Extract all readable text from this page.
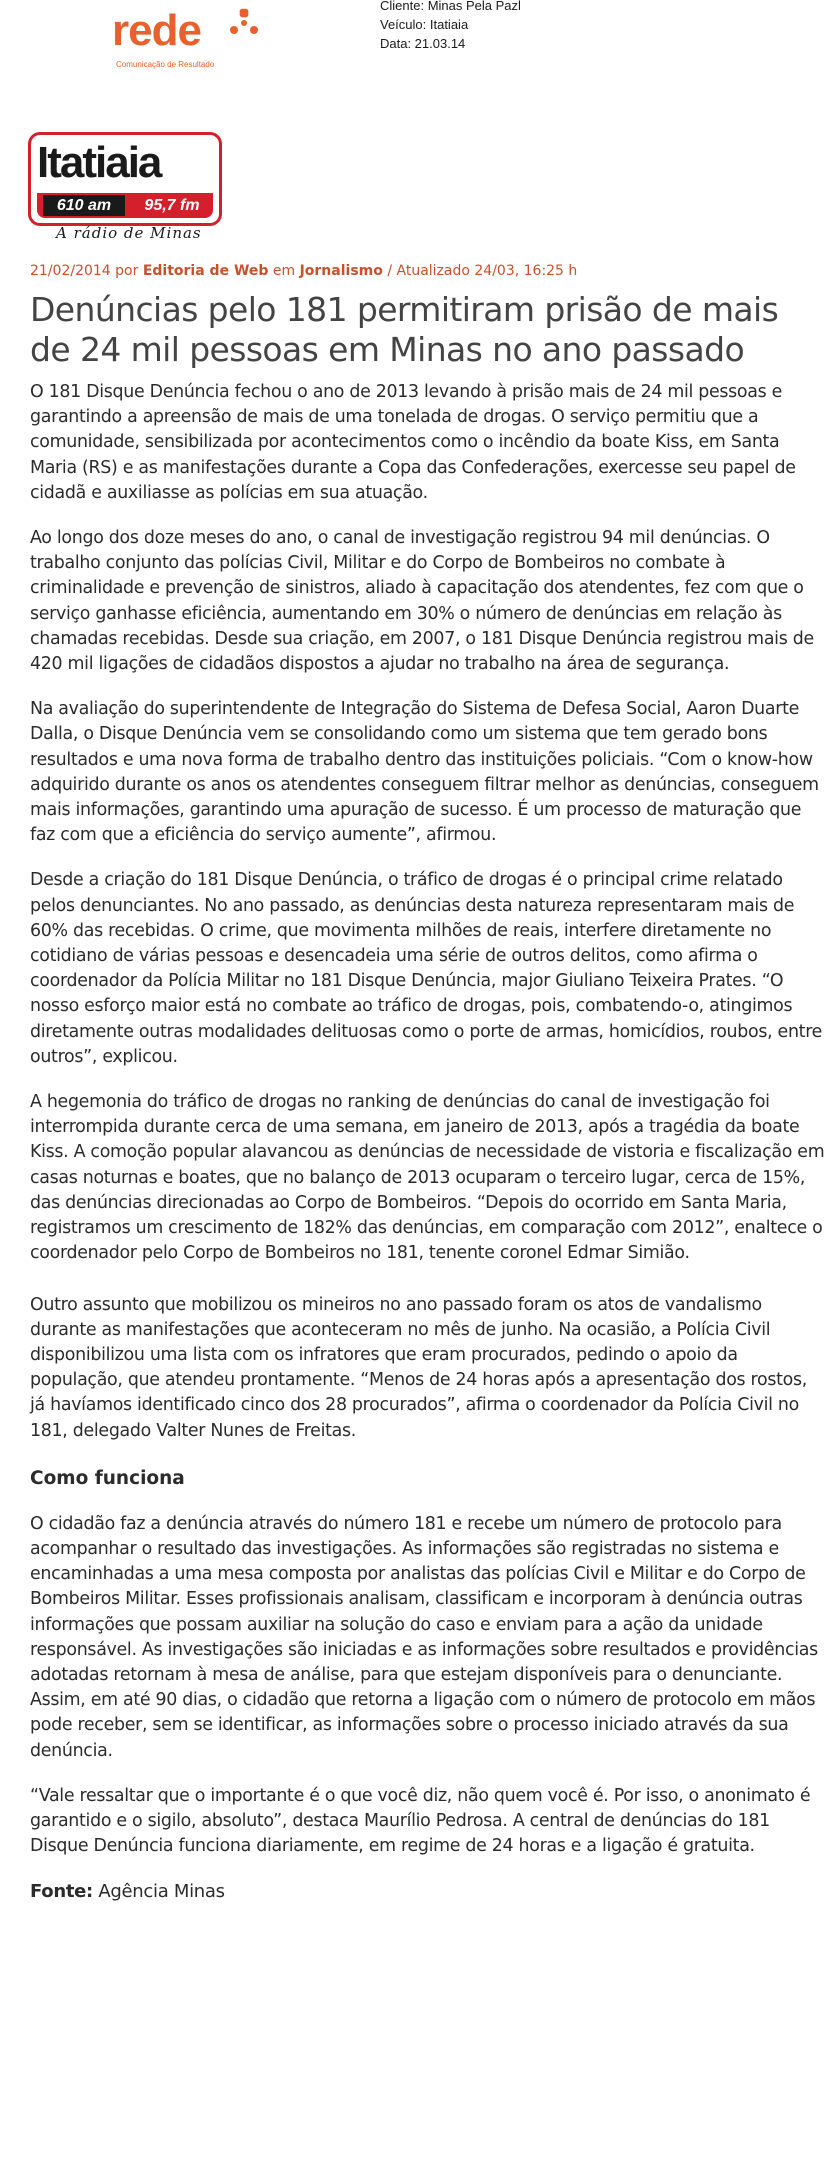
rede
Comunicação de Resultado
Cliente: Minas Pela Pazl
Veículo: Itatiaia
Data: 21.03.14
Itatiaia
610 am	95,7 fm
A rádio de Minas
21/02/2014 por Editoria de Web em Jornalismo / Atualizado 24/03, 16:25 h
Denúncias pelo 181 permitiram prisão de mais de 24 mil pessoas em Minas no ano passado

O 181 Disque Denúncia fechou o ano de 2013 levando à prisão mais de 24 mil pessoas e garantindo a apreensão de mais de uma tonelada de drogas. O serviço permitiu que a comunidade, sensibilizada por acontecimentos como o incêndio da boate Kiss, em Santa Maria (RS) e as manifestações durante a Copa das Confederações, exercesse seu papel de cidadã e auxiliasse as polícias em sua atuação.

Ao longo dos doze meses do ano, o canal de investigação registrou 94 mil denúncias. O trabalho conjunto das polícias Civil, Militar e do Corpo de Bombeiros no combate à criminalidade e prevenção de sinistros, aliado à capacitação dos atendentes, fez com que o serviço ganhasse eficiência, aumentando em 30% o número de denúncias em relação às chamadas recebidas. Desde sua criação, em 2007, o 181 Disque Denúncia registrou mais de 420 mil ligações de cidadãos dispostos a ajudar no trabalho na área de segurança.

Na avaliação do superintendente de Integração do Sistema de Defesa Social, Aaron Duarte Dalla, o Disque Denúncia vem se consolidando como um sistema que tem gerado bons resultados e uma nova forma de trabalho dentro das instituições policiais. “Com o know-how adquirido durante os anos os atendentes conseguem filtrar melhor as denúncias, conseguem mais informações, garantindo uma apuração de sucesso. É um processo de maturação que faz com que a eficiência do serviço aumente”, afirmou.

Desde a criação do 181 Disque Denúncia, o tráfico de drogas é o principal crime relatado pelos denunciantes. No ano passado, as denúncias desta natureza representaram mais de 60% das recebidas. O crime, que movimenta milhões de reais, interfere diretamente no cotidiano de várias pessoas e desencadeia uma série de outros delitos, como afirma o coordenador da Polícia Militar no 181 Disque Denúncia, major Giuliano Teixeira Prates. “O nosso esforço maior está no combate ao tráfico de drogas, pois, combatendo-o, atingimos diretamente outras modalidades delituosas como o porte de armas, homicídios, roubos, entre outros”, explicou.

A hegemonia do tráfico de drogas no ranking de denúncias do canal de investigação foi interrompida durante cerca de uma semana, em janeiro de 2013, após a tragédia da boate Kiss. A comoção popular alavancou as denúncias de necessidade de vistoria e fiscalização em casas noturnas e boates, que no balanço de 2013 ocuparam o terceiro lugar, cerca de 15%, das denúncias direcionadas ao Corpo de Bombeiros. “Depois do ocorrido em Santa Maria, registramos um crescimento de 182% das denúncias, em comparação com 2012”, enaltece o coordenador pelo Corpo de Bombeiros no 181, tenente coronel Edmar Simião.

Outro assunto que mobilizou os mineiros no ano passado foram os atos de vandalismo durante as manifestações que aconteceram no mês de junho. Na ocasião, a Polícia Civil disponibilizou uma lista com os infratores que eram procurados, pedindo o apoio da população, que atendeu prontamente. “Menos de 24 horas após a apresentação dos rostos, já havíamos identificado cinco dos 28 procurados”, afirma o coordenador da Polícia Civil no 181, delegado Valter Nunes de Freitas.

Como funciona

O cidadão faz a denúncia através do número 181 e recebe um número de protocolo para acompanhar o resultado das investigações. As informações são registradas no sistema e encaminhadas a uma mesa composta por analistas das polícias Civil e Militar e do Corpo de Bombeiros Militar. Esses profissionais analisam, classificam e incorporam à denúncia outras informações que possam auxiliar na solução do caso e enviam para a ação da unidade responsável. As investigações são iniciadas e as informações sobre resultados e providências adotadas retornam à mesa de análise, para que estejam disponíveis para o denunciante. Assim, em até 90 dias, o cidadão que retorna a ligação com o número de protocolo em mãos pode receber, sem se identificar, as informações sobre o processo iniciado através da sua denúncia.

“Vale ressaltar que o importante é o que você diz, não quem você é. Por isso, o anonimato é garantido e o sigilo, absoluto”, destaca Maurílio Pedrosa. A central de denúncias do 181 Disque Denúncia funciona diariamente, em regime de 24 horas e a ligação é gratuita.

Fonte: Agência Minas
